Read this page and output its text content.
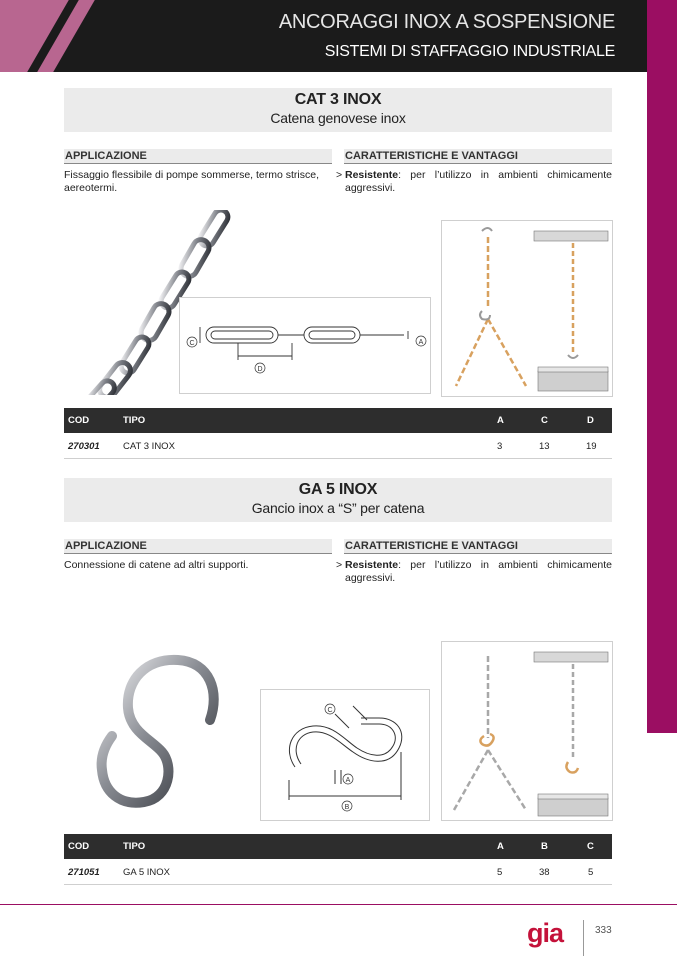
ANCORAGGI INOX A SOSPENSIONE
SISTEMI DI STAFFAGGIO INDUSTRIALE
CAT 3 INOX
Catena genovese inox
APPLICAZIONE	CARATTERISTICHE E VANTAGGI
Fissaggio flessibile di pompe sommerse, termo strisce, aereotermi.
> Resistente: per l’utilizzo in ambienti chimicamente aggressivi.
C
D
A
COD	TIPO	A	C	D
270301 CAT 3 INOX	3	13	19
GA 5 INOX
Gancio inox a “S” per catena
APPLICAZIONE	CARATTERISTICHE E VANTAGGI
Connessione di catene ad altri supporti.	> Resistente: per l’utilizzo in ambienti chimicamente aggressivi.
C
A
B
COD	TIPO	A	B	C
271051 GA 5 INOX	5	38	5
gia	333
